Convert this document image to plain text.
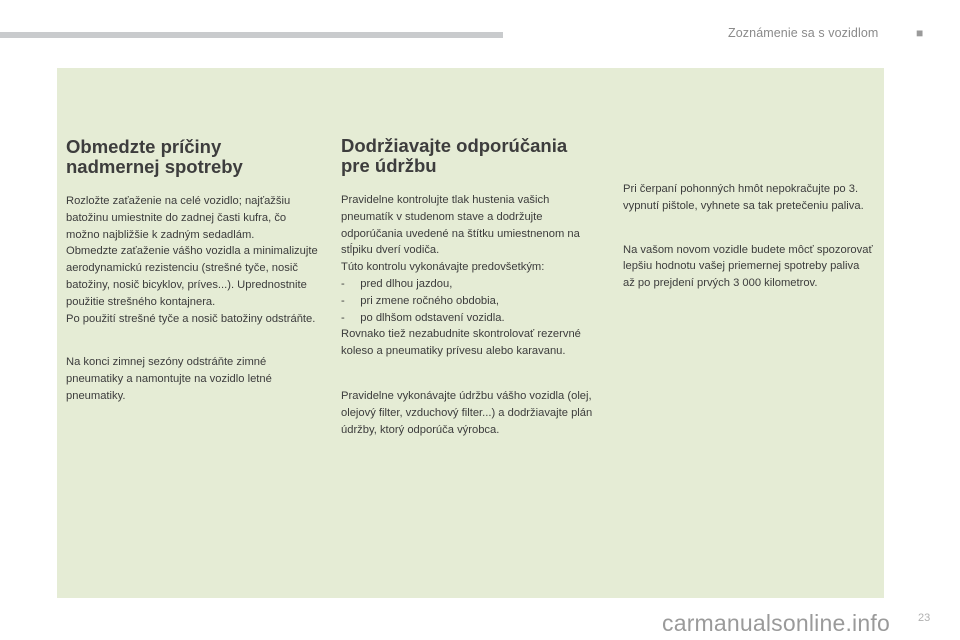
Zoznámenie sa s vozidlom	■
Obmedzte príčiny
nadmernej spotreby

Rozložte zaťaženie na celé vozidlo; najťažšiu batožinu umiestnite do zadnej časti kufra, čo možno najbližšie k zadným sedadlám.

Obmedzte zaťaženie vášho vozidla a minimalizujte aerodynamickú rezistenciu (strešné tyče, nosič batožiny, nosič bicyklov, príves...). Uprednostnite použitie strešného kontajnera.

Po použití strešné tyče a nosič batožiny odstráňte.

Na konci zimnej sezóny odstráňte zimné pneumatiky a namontujte na vozidlo letné pneumatiky.

Dodržiavajte odporúčania
pre údržbu

Pravidelne kontrolujte tlak hustenia vašich pneumatík v studenom stave a dodržujte odporúčania uvedené na štítku umiestnenom na stĺpiku dverí vodiča.

Túto kontrolu vykonávajte predovšetkým:

-     pred dlhou jazdou,

-     pri zmene ročného obdobia,

-     po dlhšom odstavení vozidla.

Rovnako tiež nezabudnite skontrolovať rezervné koleso a pneumatiky prívesu alebo karavanu.

Pravidelne vykonávajte údržbu vášho vozidla (olej, olejový filter, vzduchový filter...) a dodržiavajte plán údržby, ktorý odporúča výrobca.

Pri čerpaní pohonných hmôt nepokračujte po 3. vypnutí pištole, vyhnete sa tak pretečeniu paliva.

Na vašom novom vozidle budete môcť spozorovať lepšiu hodnotu vašej priemernej spotreby paliva až po prejdení prvých 3 000 kilometrov.

carmanualsonline.info	23
